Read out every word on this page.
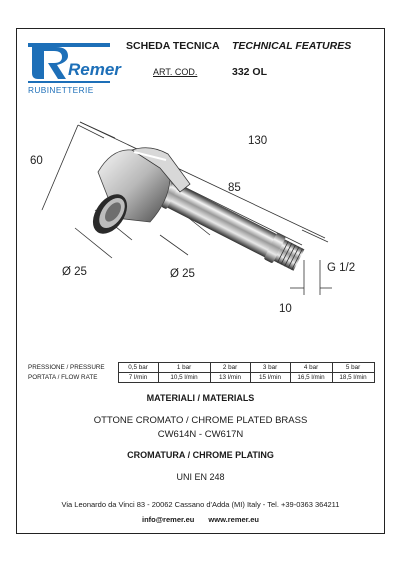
Remer
RUBINETTERIE
SCHEDA TECNICA TECHNICAL FEATURES
ART. COD.	332 OL
130
60
85
Ø 25	Ø 25	G 1/2
10
PRESSIONE / PRESSURE	0,5 bar	1 bar	2 bar	3 bar	4 bar	5 bar
PORTATA / FLOW RATE	7 l/min	10,5 l/min	13 l/min	15 l/min	16,5 l/min	18,5 l/min
MATERIALI / MATERIALS
OTTONE CROMATO / CHROME PLATED BRASS
CW614N - CW617N
CROMATURA / CHROME PLATING
UNI EN 248
Via Leonardo da Vinci 83 - 20062 Cassano d'Adda (MI) Italy - Tel. +39-0363 364211
info@remer.eu www.remer.eu
